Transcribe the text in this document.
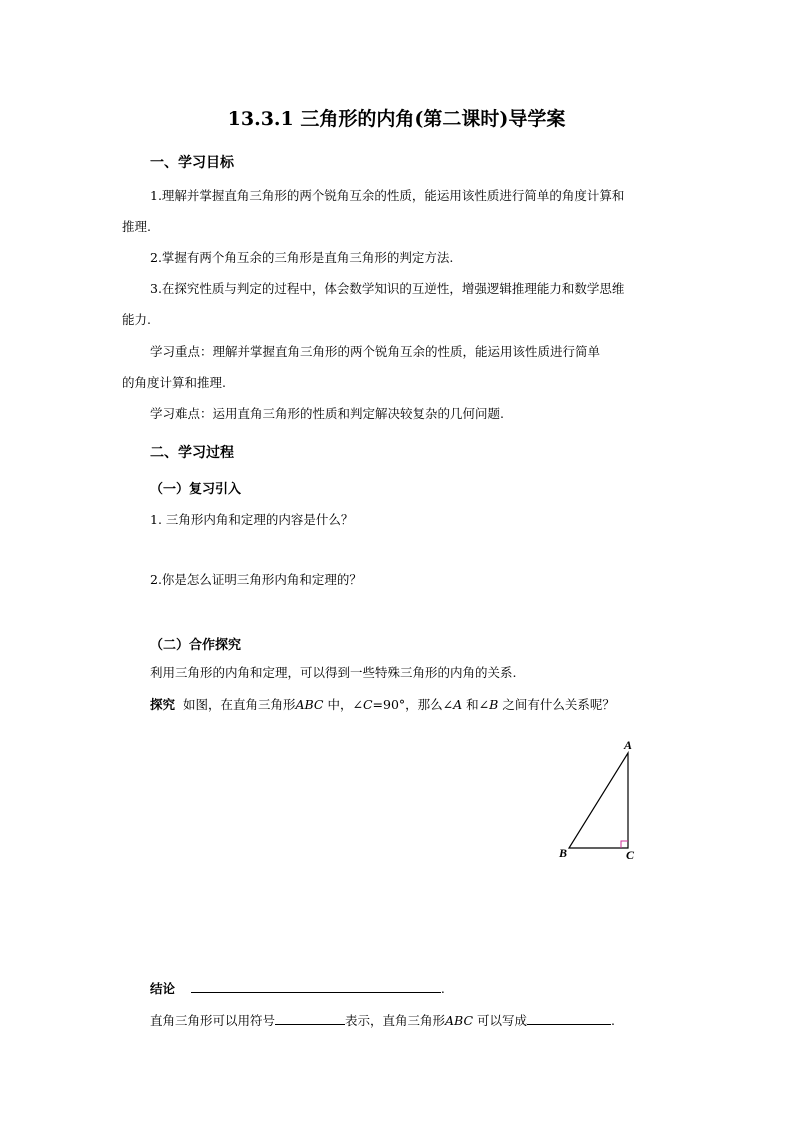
13.3.1 三角形的内角(第二课时)导学案
一、学习目标
1.理解并掌握直角三角形的两个锐角互余的性质，能运用该性质进行简单的角度计算和
推理.
2.掌握有两个角互余的三角形是直角三角形的判定方法.
3.在探究性质与判定的过程中，体会数学知识的互逆性，增强逻辑推理能力和数学思维
能力.
学习重点：理解并掌握直角三角形的两个锐角互余的性质，能运用该性质进行简单
的角度计算和推理.
学习难点：运用直角三角形的性质和判定解决较复杂的几何问题.
二、学习过程
（一）复习引入
1. 三角形内角和定理的内容是什么？
2.你是怎么证明三角形内角和定理的？
（二）合作探究
利用三角形的内角和定理，可以得到一些特殊三角形的内角的关系.
探究 如图，在直角三角形ABC 中，∠C=90°，那么∠A 和∠B 之间有什么关系呢？
A
B	C
结论	.
直角三角形可以用符号	表示，直角三角形ABC 可以写成	.
